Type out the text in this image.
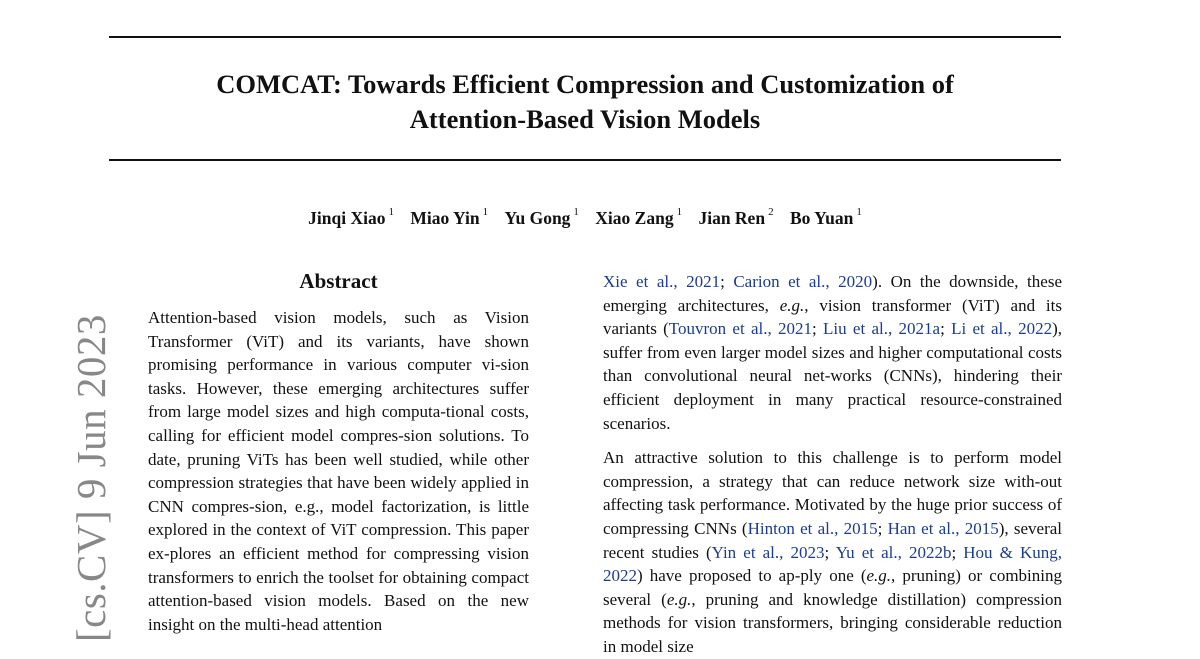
COMCAT: Towards Efficient Compression and Customization of
Attention-Based Vision Models
Jinqi Xiao $^1$ Miao Yin $^1$ Yu Gong $^1$ Xiao Zang $^1$ Jian Ren $^2$ Bo Yuan $^1$
[cs.CV] 9 Jun 2023
Abstract

Attention-based vision models, such as Vision Transformer (ViT) and its variants, have shown promising performance in various computer vi-sion tasks. However, these emerging architectures suffer from large model sizes and high computa-tional costs, calling for efficient model compres-sion solutions. To date, pruning ViTs has been well studied, while other compression strategies that have been widely applied in CNN compres-sion, e.g., model factorization, is little explored in the context of ViT compression. This paper ex-plores an efficient method for compressing vision transformers to enrich the toolset for obtaining compact attention-based vision models. Based on the new insight on the multi-head attention

Xie et al., 2021; Carion et al., 2020). On the downside, these emerging architectures, e.g., vision transformer (ViT) and its variants (Touvron et al., 2021; Liu et al., 2021a; Li et al., 2022), suffer from even larger model sizes and higher computational costs than convolutional neural net-works (CNNs), hindering their efficient deployment in many practical resource-constrained scenarios.

An attractive solution to this challenge is to perform model compression, a strategy that can reduce network size with-out affecting task performance. Motivated by the huge prior success of compressing CNNs (Hinton et al., 2015; Han et al., 2015), several recent studies (Yin et al., 2023; Yu et al., 2022b; Hou & Kung, 2022) have proposed to ap-ply one (e.g., pruning) or combining several (e.g., pruning and knowledge distillation) compression methods for vision transformers, bringing considerable reduction in model size
